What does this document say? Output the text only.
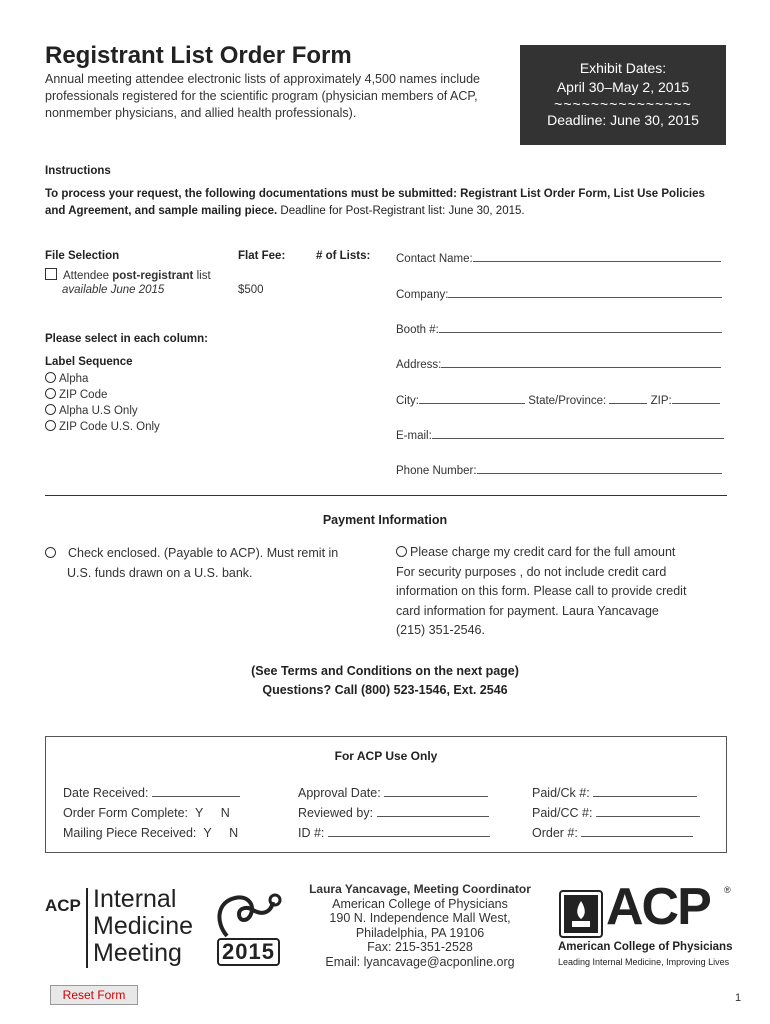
Registrant List Order Form
Annual meeting attendee electronic lists of approximately 4,500 names include professionals registered for the scientific program (physician members of ACP, nonmember physicians, and allied health professionals).
Exhibit Dates:
April 30–May 2, 2015
~~~~~~~~~~~~~~~
Deadline: June 30, 2015
Instructions
To process your request, the following documentations must be submitted: Registrant List Order Form, List Use Policies and Agreement, and sample mailing piece. Deadline for Post-Registrant list: June 30, 2015.
File Selection	Flat Fee:	# of Lists:
Attendee post-registrant list
available June 2015	$500
Please select in each column:
Label Sequence
Alpha
ZIP Code
Alpha U.S Only
ZIP Code U.S. Only
Contact Name:
Company:
Booth #:
Address:
City:	State/Province:	ZIP:
E-mail:
Phone Number:
Payment Information
Check enclosed. (Payable to ACP). Must remit in
U.S. funds drawn on a U.S. bank.
Please charge my credit card for the full amount
For security purposes , do not include credit card
information on this form. Please call to provide credit
card information for payment. Laura Yancavage
(215) 351-2546.
(See Terms and Conditions on the next page)
Questions? Call (800) 523-1546, Ext. 2546
For ACP Use Only
Date Received:
Order Form Complete: Y N
Mailing Piece Received: Y N
Approval Date:
Reviewed by:
ID #:
Paid/Ck #:
Paid/CC #:
Order #:
ACP Internal
Medicine
Meeting	2015
Laura Yancavage, Meeting Coordinator
American College of Physicians
190 N. Independence Mall West,
Philadelphia, PA 19106
Fax: 215-351-2528
Email: lyancavage@acponline.org
ACP ®
American College of Physicians
Leading Internal Medicine, Improving Lives
Reset Form	1
